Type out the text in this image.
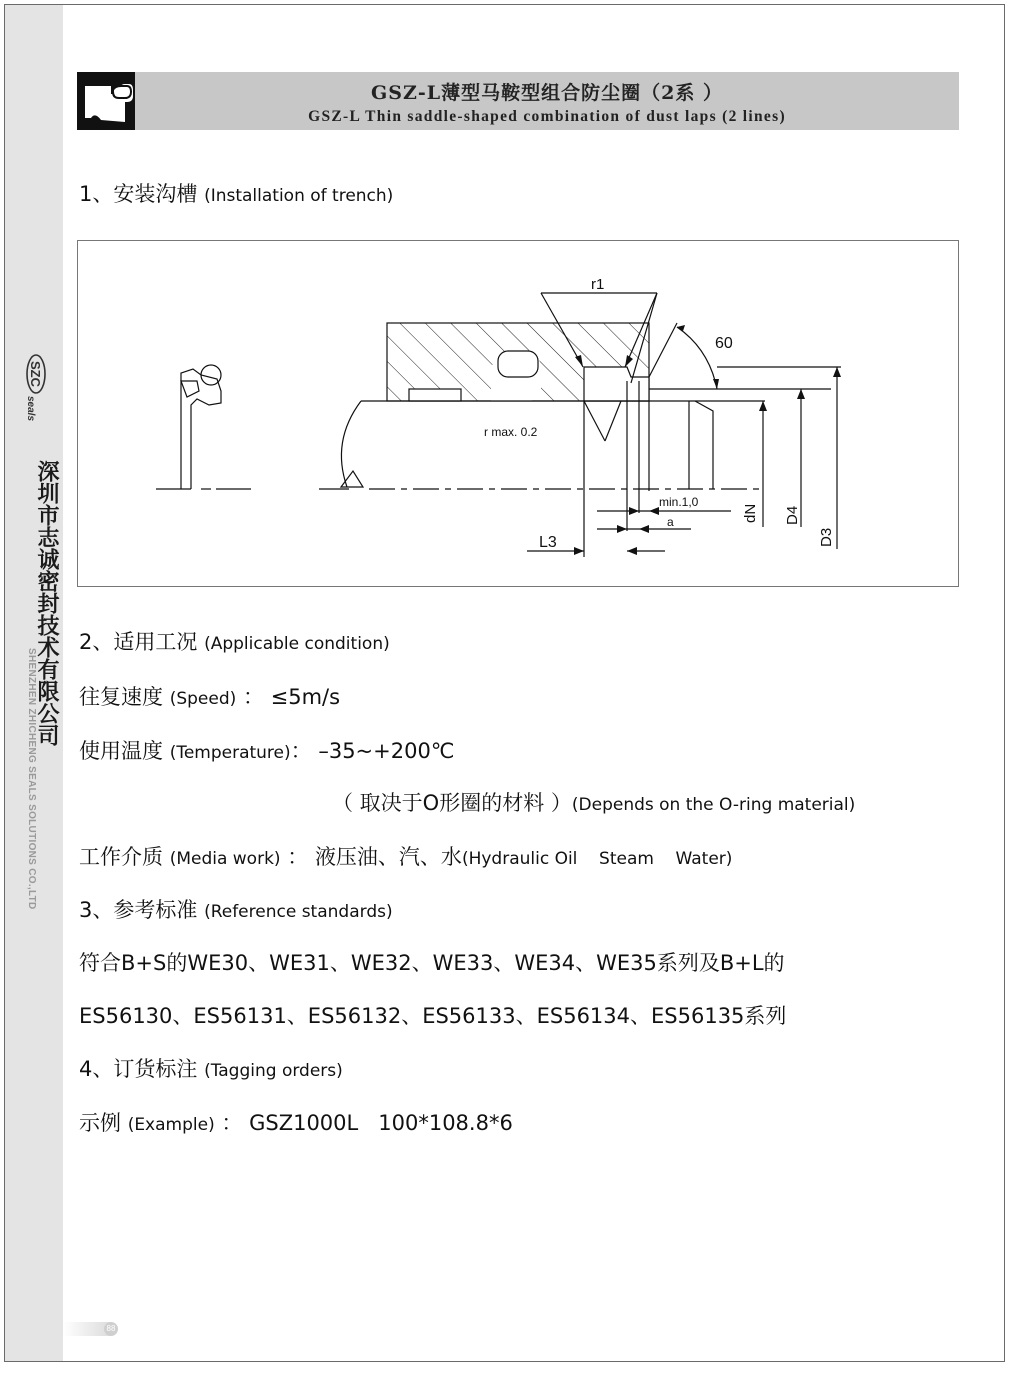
SZC
seals
SHENZHEN ZHICHENG SEALS SOLUTIONS CO.,LTD
深圳市志诚密封技术有限公司
88
GSZ-L薄型马鞍型组合防尘圈（2系 ）
GSZ-L Thin saddle-shaped combination of dust laps (2 lines)
1、安装沟槽 (Installation of trench)
r1
60
r max. 0.2
min.1,0
a
L3
dN D4
D3
2、适用工况 (Applicable condition)
往复速度 (Speed) ： ≤5m/s
使用温度 (Temperature)： –35~+200℃
（ 取决于O形圈的材料 ）(Depends on the O-ring material)
工作介质 (Media work) ： 液压油、汽、水(Hydraulic Oil    Steam    Water)
3、参考标准 (Reference standards)
符合B+S的WE30、WE31、WE32、WE33、WE34、WE35系列及B+L的
ES56130、ES56131、ES56132、ES56133、ES56134、ES56135系列
4、订货标注 (Tagging orders)
示例 (Example) ： GSZ1000L   100*108.8*6
